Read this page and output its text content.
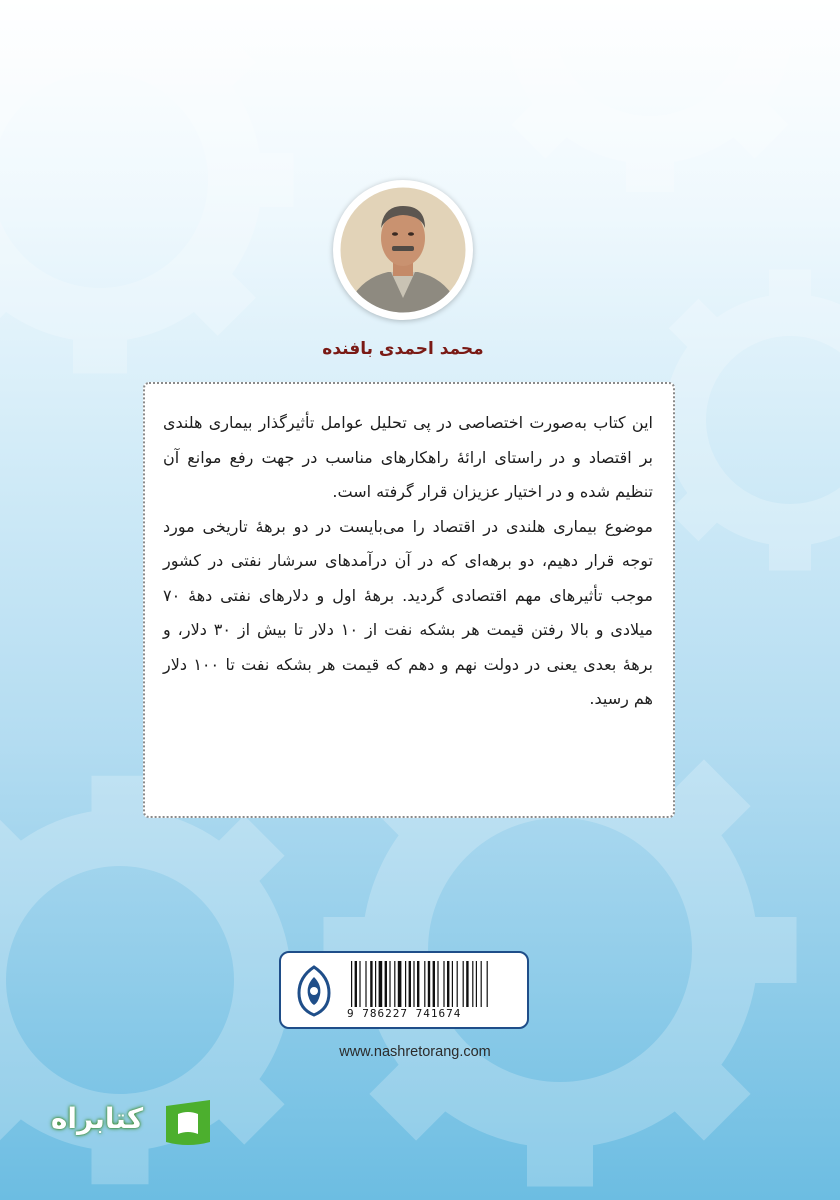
محمد احمدی بافنده

این کتاب به‌صورت اختصاصی در پی تحلیل عوامل تأثیرگذار بیماری هلندی بر اقتصاد و در راستای ارائهٔ راهکارهای مناسب در جهت رفع موانع آن تنظیم شده و در اختیار عزیزان قرار گرفته است.
موضوع بیماری هلندی در اقتصاد را می‌بایست در دو برههٔ تاریخی مورد توجه قرار دهیم، دو برهه‌ای که در آن درآمدهای سرشار نفتی در کشور موجب تأثیرهای مهم اقتصادی گردید. برههٔ اول و دلارهای نفتی دههٔ ۷۰ میلادی و بالا رفتن قیمت هر بشکه نفت از ۱۰ دلار تا بیش از ۳۰ دلار، و برههٔ بعدی یعنی در دولت نهم و دهم که قیمت هر بشکه نفت تا ۱۰۰ دلار هم رسید.

9 786227 741674
www.nashretorang.com
کتابراه
